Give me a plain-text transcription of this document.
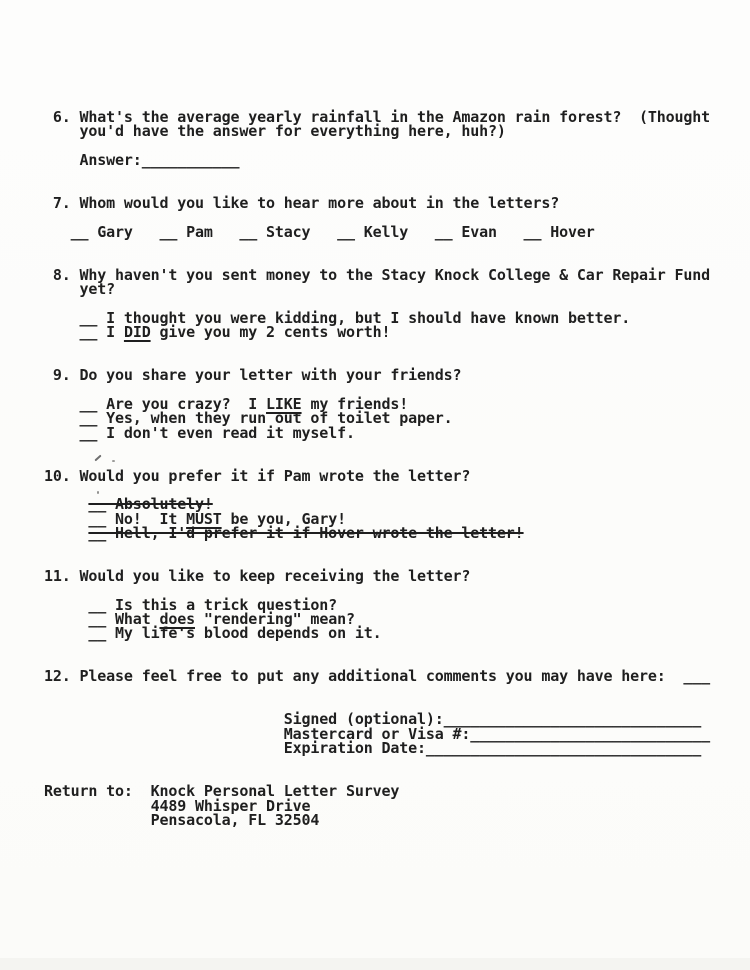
6. What's the average yearly rainfall in the Amazon rain forest?  (Thought
you'd have the answer for everything here, huh?)

Answer:___________

7. Whom would you like to hear more about in the letters?

__ Gary   __ Pam   __ Stacy   __ Kelly   __ Evan   __ Hover

8. Why haven't you sent money to the Stacy Knock College & Car Repair Fund
yet?

__ I thought you were kidding, but I should have known better.
__ I DID give you my 2 cents worth!

9. Do you share your letter with your friends?

__ Are you crazy?  I LIKE my friends!
__ Yes, when they run out of toilet paper.
__ I don't even read it myself.

10. Would you prefer it if Pam wrote the letter?

__ Absolutely!
__ No!  It MUST be you, Gary!
__ Hell, I'd prefer it if Hover wrote the letter!

11. Would you like to keep receiving the letter?

__ Is this a trick question?
__ What does "rendering" mean?
__ My life's blood depends on it.

12. Please feel free to put any additional comments you may have here:  ___

Signed (optional):_____________________________
Mastercard or Visa #:___________________________
Expiration Date:_______________________________

Return to:  Knock Personal Letter Survey
4489 Whisper Drive
Pensacola, FL 32504
